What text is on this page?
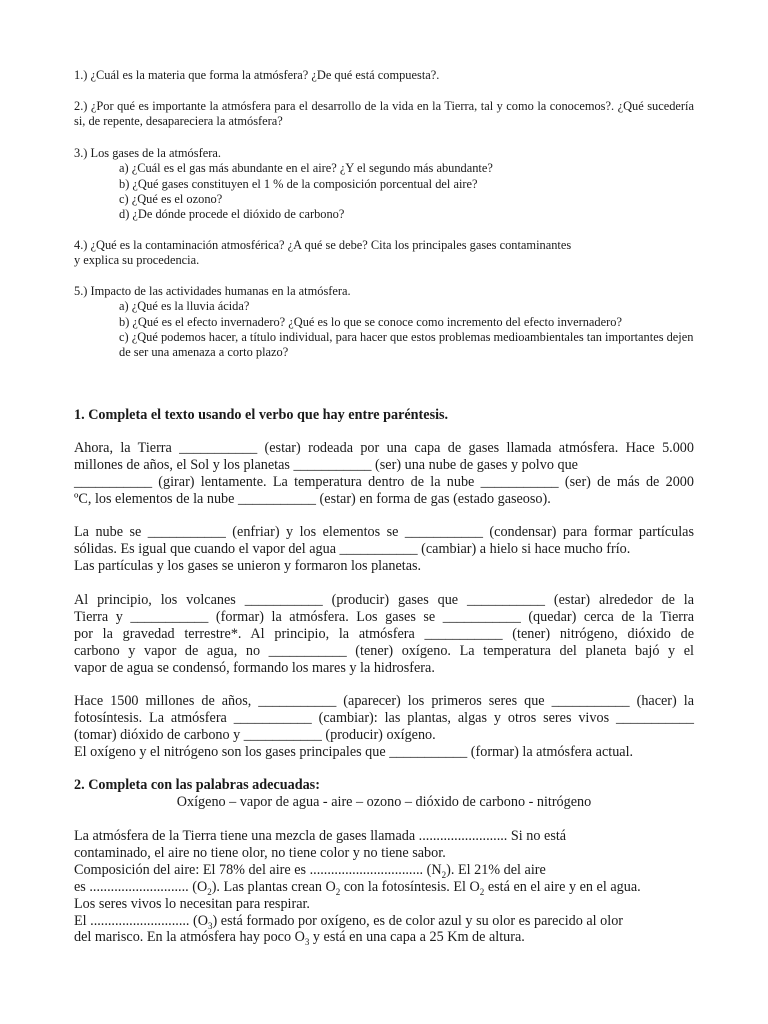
1.) ¿Cuál es la materia que forma la atmósfera? ¿De qué está compuesta?.
2.) ¿Por qué es importante la atmósfera para el desarrollo de la vida en la Tierra, tal y como la conocemos?. ¿Qué sucedería si, de repente, desapareciera la atmósfera?
3.) Los gases de la atmósfera.
a) ¿Cuál es el gas más abundante en el aire? ¿Y el segundo más abundante?
b) ¿Qué gases constituyen el 1 % de la composición porcentual del aire?
c) ¿Qué es el ozono?
d) ¿De dónde procede el dióxido de carbono?
4.) ¿Qué es la contaminación atmosférica? ¿A qué se debe? Cita los principales gases contaminantes
y explica su procedencia.
5.) Impacto de las actividades humanas en la atmósfera.
a) ¿Qué es la lluvia ácida?
b) ¿Qué es el efecto invernadero? ¿Qué es lo que se conoce como incremento del efecto invernadero?
c) ¿Qué podemos hacer, a título individual, para hacer que estos problemas medioambientales tan importantes dejen de ser una amenaza a corto plazo?
1. Completa el texto usando el verbo que hay entre paréntesis.
Ahora, la Tierra ___________ (estar) rodeada por una capa de gases llamada atmósfera. Hace 5.000
millones de años, el Sol y los planetas ___________ (ser) una nube de gases y polvo que
___________ (girar) lentamente. La temperatura dentro de la nube ___________ (ser) de más de 2000
ºC, los elementos de la nube ___________ (estar) en forma de gas (estado gaseoso).
La nube se ___________ (enfriar) y los elementos se ___________ (condensar) para formar partículas
sólidas. Es igual que cuando el vapor del agua ___________ (cambiar) a hielo si hace mucho frío.
Las partículas y los gases se unieron y formaron los planetas.
Al principio, los volcanes ___________ (producir) gases que ___________ (estar) alrededor de la
Tierra y ___________ (formar) la atmósfera. Los gases se ___________ (quedar) cerca de la Tierra
por la gravedad terrestre*. Al principio, la atmósfera ___________ (tener) nitrógeno, dióxido de
carbono y vapor de agua, no ___________ (tener) oxígeno. La temperatura del planeta bajó y el
vapor de agua se condensó, formando los mares y la hidrosfera.
Hace 1500 millones de años, ___________ (aparecer) los primeros seres que ___________ (hacer) la
fotosíntesis. La atmósfera ___________ (cambiar): las plantas, algas y otros seres vivos ___________
(tomar) dióxido de carbono y ___________ (producir) oxígeno.
El oxígeno y el nitrógeno son los gases principales que ___________ (formar) la atmósfera actual.
2. Completa con las palabras adecuadas:
Oxígeno – vapor de agua - aire – ozono – dióxido de carbono - nitrógeno
La atmósfera de la Tierra tiene una mezcla de gases llamada ......................... Si no está
contaminado, el aire no tiene olor, no tiene color y no tiene sabor.
Composición del aire: El 78% del aire es ................................ $(N_2)$. El 21% del aire
es ............................ $(O_2)$. Las plantas crean $O_2$ con la fotosíntesis. El $O_2$ está en el aire y en el agua.
Los seres vivos lo necesitan para respirar.
El ............................ $(O_3)$ está formado por oxígeno, es de color azul y su olor es parecido al olor
del marisco. En la atmósfera hay poco $O_3$ y está en una capa a 25 Km de altura.
